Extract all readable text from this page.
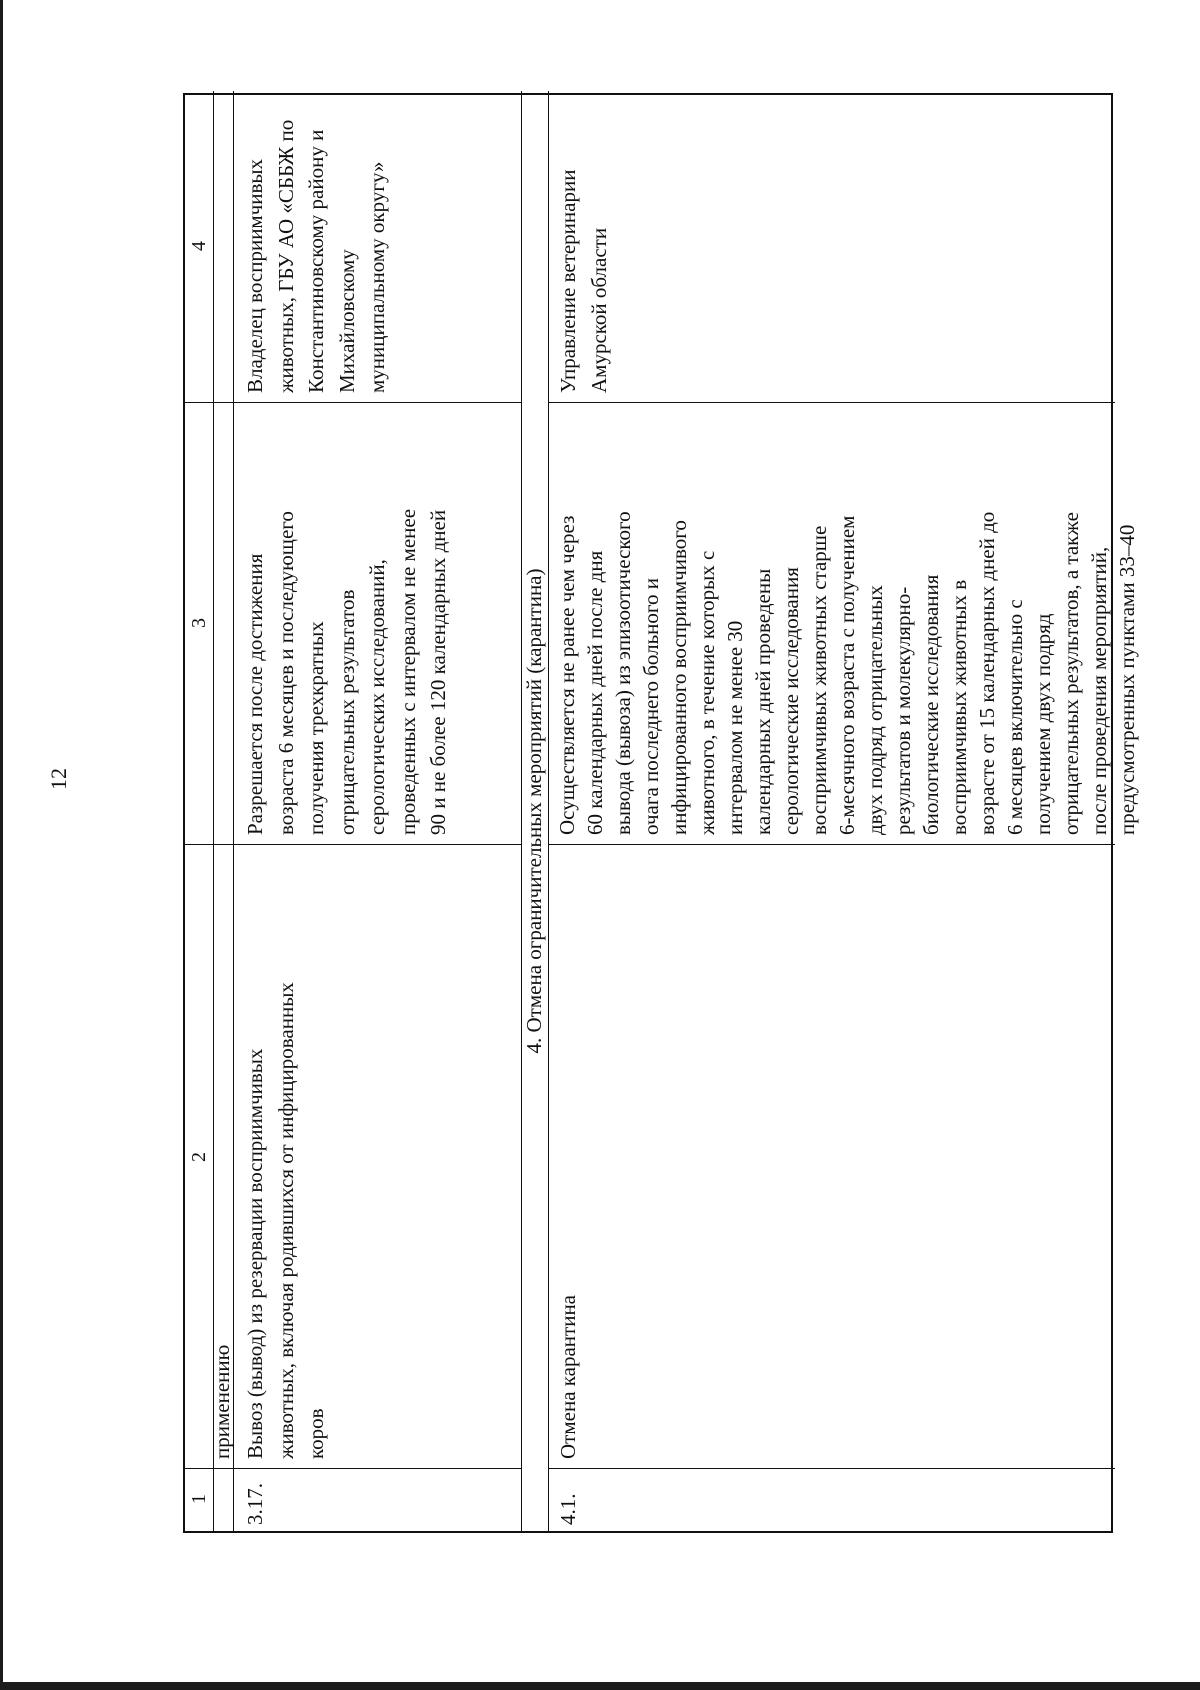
12
1
2
3
4
применению
3.17.
Вывоз (вывод) из резервации восприимчивых
животных, включая родившихся от инфицированных
коров
Разрешается после достижения
возраста 6 месяцев и последующего
получения трехкратных
отрицательных результатов
серологических исследований,
проведенных с интервалом не менее
90 и не более 120 календарных дней
Владелец восприимчивых
животных, ГБУ АО «СББЖ по
Константиновскому району и
Михайловскому
муниципальному округу»
4. Отмена ограничительных мероприятий (карантина)
4.1.
Отмена карантина
Осуществляется не ранее чем через
60 календарных дней после дня
вывода (вывоза) из эпизоотического
очага последнего больного и
инфицированного восприимчивого
животного, в течение которых с
интервалом не менее 30
календарных дней проведены
серологические исследования
восприимчивых животных старше
6-месячного возраста с получением
двух подряд отрицательных
результатов и молекулярно-
биологические исследования
восприимчивых животных в
возрасте от 15 календарных дней до
6 месяцев включительно с
получением двух подряд
отрицательных результатов, а также
после проведения мероприятий,
предусмотренных пунктами 33–40
Управление ветеринарии
Амурской области
